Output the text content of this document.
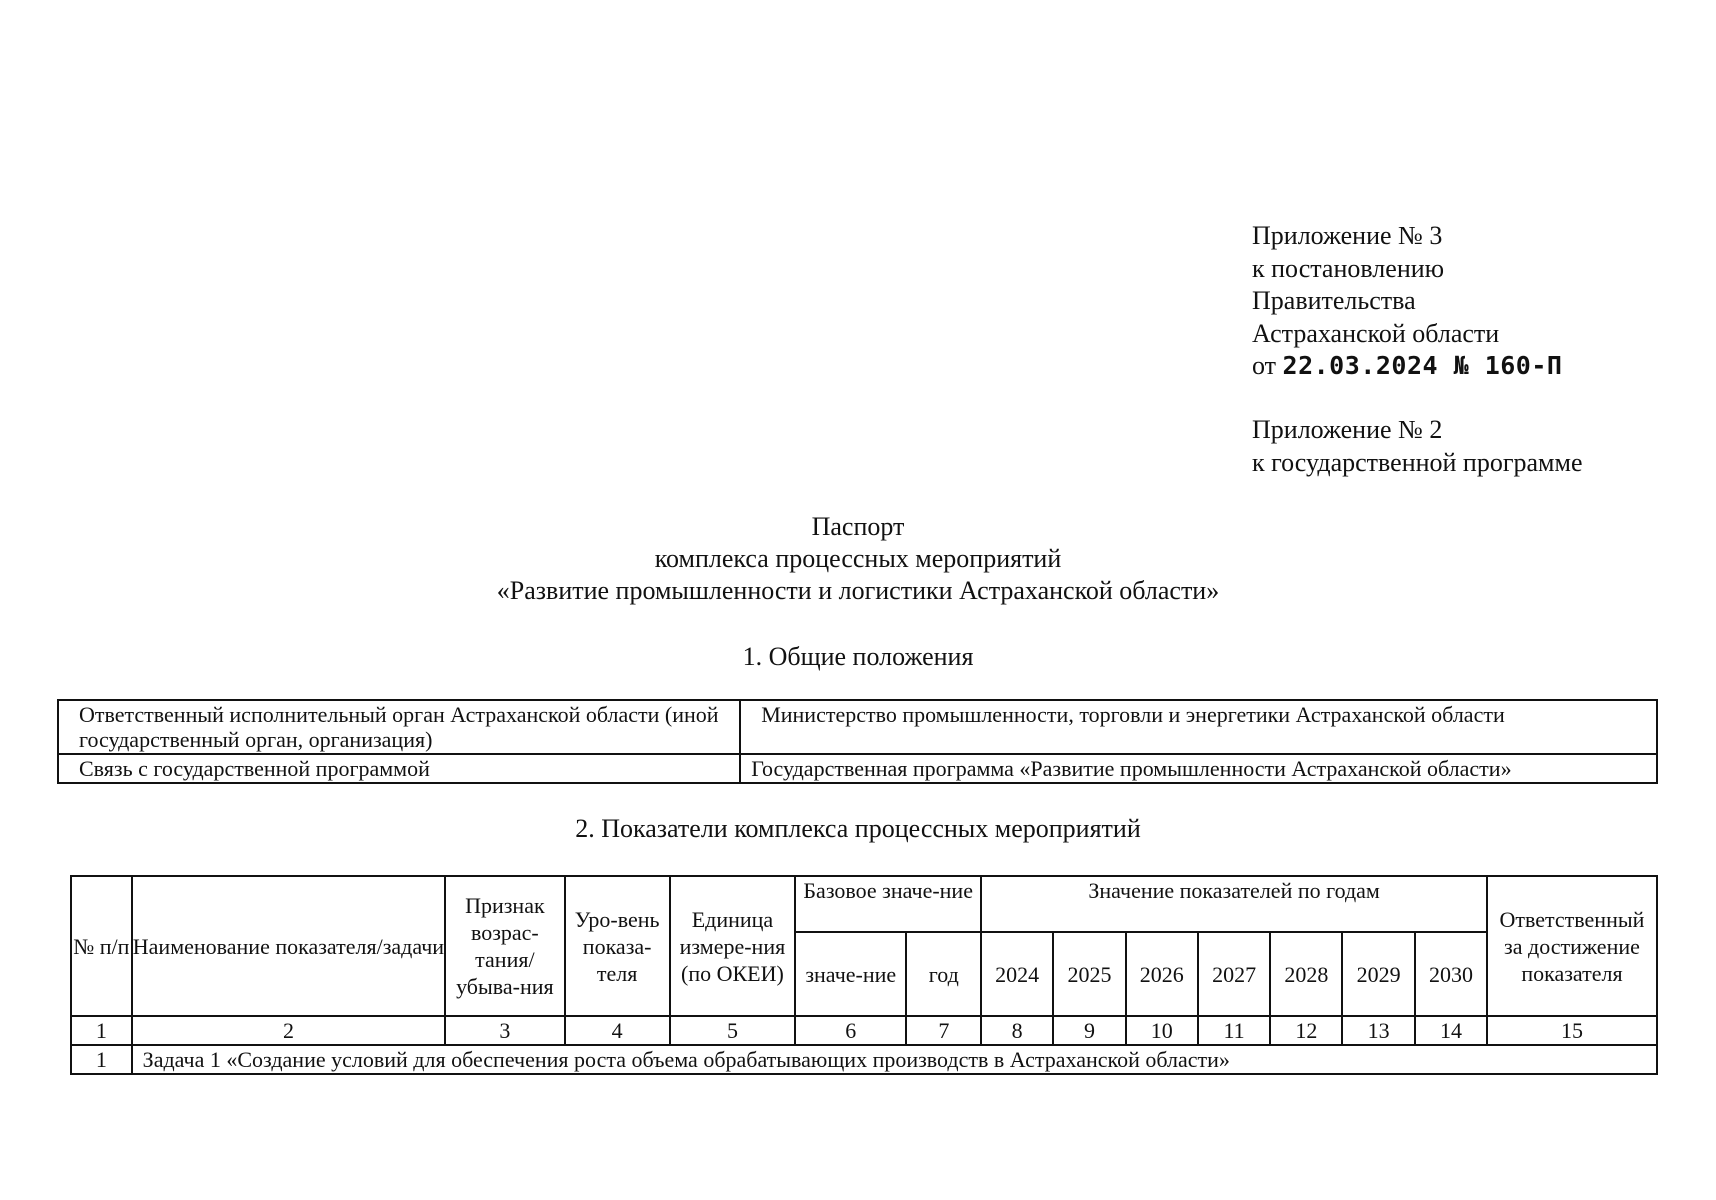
Приложение № 3
к постановлению
Правительства
Астраханской области
от 22.03.2024 № 160-П
Приложение № 2
к государственной программе
Паспорт
комплекса процессных мероприятий
«Развитие промышленности и логистики Астраханской области»
1. Общие положения
Ответственный исполнительный орган Астраханской области (иной государственный орган, организация)	Министерство промышленности, торговли и энергетики Астраханской области
Связь с государственной программой	Государственная программа «Развитие промышленности Астраханской области»
2. Показатели комплекса процессных мероприятий
№ п/п	Наименование показателя/задачи	Признак возрас-тания/ убыва-ния	Уро-вень показа-теля	Единица измере-ния (по ОКЕИ)	Базовое значе-ние		Значение показателей по годам							Ответственный за достижение показателя
					значе-ние	год	2024	2025	2026	2027	2028	2029	2030	
1	2	3	4	5	6	7	8	9	10	11	12	13	14	15
1	Задача 1 «Создание условий для обеспечения роста объема обрабатывающих производств в Астраханской области»													
